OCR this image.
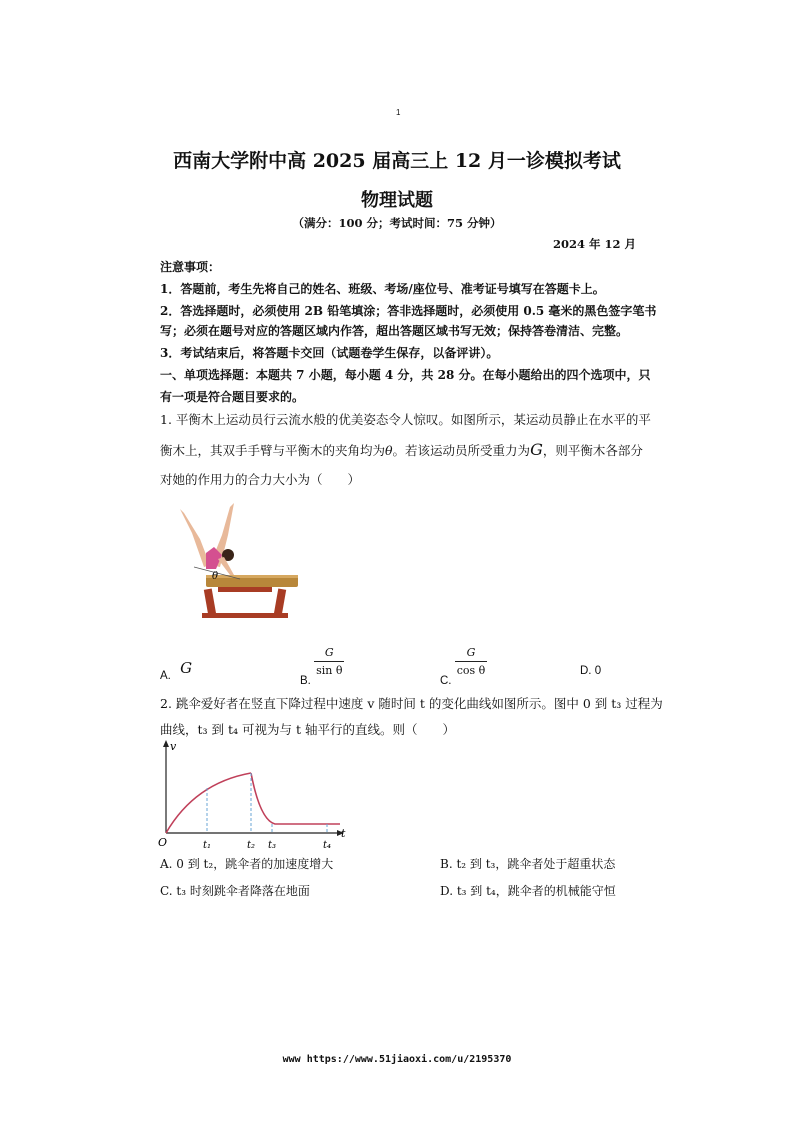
1
西南大学附中高 2025 届高三上 12 月一诊模拟考试
物理试题
（满分：100 分；考试时间：75 分钟）
2024 年 12 月
注意事项：
1．答题前，考生先将自己的姓名、班级、考场/座位号、准考证号填写在答题卡上。
2．答选择题时，必须使用 2B 铅笔填涂；答非选择题时，必须使用 0.5 毫米的黑色签字笔书
写；必须在题号对应的答题区域内作答，超出答题区域书写无效；保持答卷清洁、完整。
3．考试结束后，将答题卡交回（试题卷学生保存，以备评讲）。
一、单项选择题：本题共 7 小题，每小题 4 分，共 28 分。在每小题给出的四个选项中，只
有一项是符合题目要求的。
1. 平衡木上运动员行云流水般的优美姿态令人惊叹。如图所示，某运动员静止在水平的平
衡木上，其双手手臂与平衡木的夹角均为θ。若该运动员所受重力为G，则平衡木各部分
对她的作用力的合力大小为（　　）
θ
A. G
B.
$\frac{G}{\text{sin θ}}$
C.
$\frac{G}{\text{cos θ}}$	D. 0
2. 跳伞爱好者在竖直下降过程中速度 v 随时间 t 的变化曲线如图所示。图中 0 到 t₃ 过程为
曲线，t₃ 到 t₄ 可视为与 t 轴平行的直线。则（　　）
v
t
O	t₁	t₂ t₃	t₄
A. 0 到 t₂，跳伞者的加速度增大	B. t₂ 到 t₃，跳伞者处于超重状态
C. t₃ 时刻跳伞者降落在地面	D. t₃ 到 t₄，跳伞者的机械能守恒
www https://www.51jiaoxi.com/u/2195370
